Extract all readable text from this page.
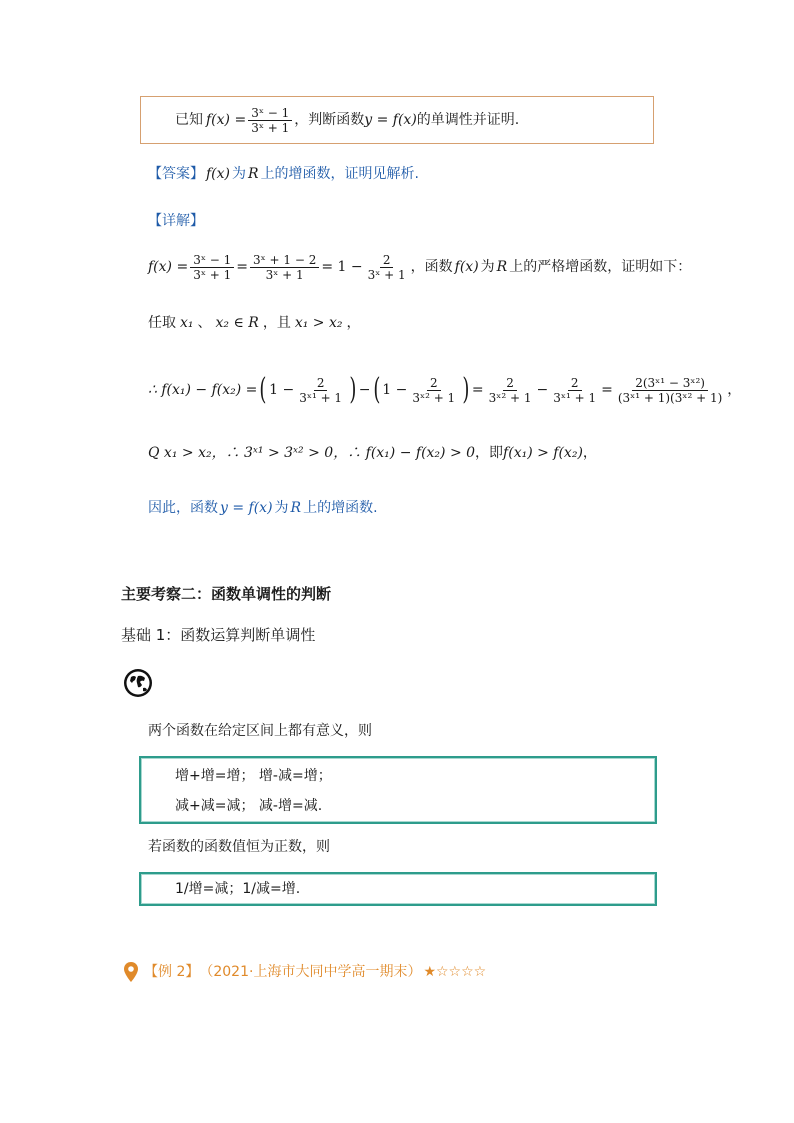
已知 $f(x) = \frac{\text{3ˣ − 1}}{\text{3ˣ + 1}}$ ，判断函数 y = f(x) 的单调性并证明.
【答案】 f(x) 为 R 上的增函数，证明见解析.
【详解】
$f(x) = \frac{\text{3ˣ − 1}}{\text{3ˣ + 1}} = \frac{\text{3ˣ + 1 − 2}}{\text{3ˣ + 1}} = 1 - \frac{2}{\text{3ˣ + 1}}$ ，函数 f(x) 为 R 上的严格增函数，证明如下：
任取 x₁ 、 x₂ ∈ R ，且 x₁ > x₂ ，
∴ f(x₁) − f(x₂) = ( $1 - \frac{2}{\text{3ˣ¹ + 1}}$ ) − ( $1 - \frac{2}{\text{3ˣ² + 1}}$ ) = $\frac{2}{\text{3ˣ² + 1}} - \frac{2}{\text{3ˣ¹ + 1}} = \frac{\text{2(3ˣ¹ − 3ˣ²)}}{\text{(3ˣ¹ + 1)(3ˣ² + 1)}}$ ，
Q x₁ > x₂ ，∴ 3ˣ¹ > 3ˣ² > 0 ，∴ f(x₁) − f(x₂) > 0 ，即 f(x₁) > f(x₂) ，
因此，函数 y = f(x) 为 R 上的增函数.
主要考察二：函数单调性的判断
基础 1：函数运算判断单调性
两个函数在给定区间上都有意义，则
增+增=增； 增-减=增；
减+减=减； 减-增=减.
若函数的函数值恒为正数，则
1/增=减；1/减=增.
【例 2】 （2021·上海市大同中学高一期末） ★☆☆☆☆
